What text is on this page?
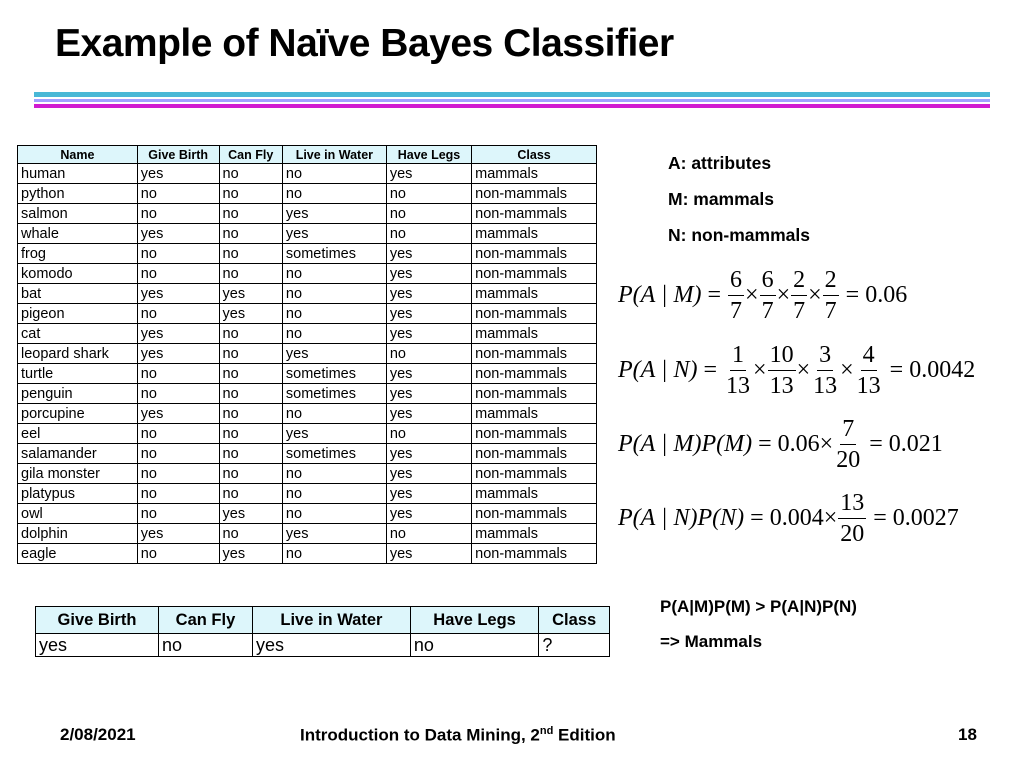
Example of Naïve Bayes Classifier
Name	Give Birth	Can Fly	Live in Water	Have Legs	Class
human	yes	no	no	yes	mammals
python	no	no	no	no	non-mammals
salmon	no	no	yes	no	non-mammals
whale	yes	no	yes	no	mammals
frog	no	no	sometimes	yes	non-mammals
komodo	no	no	no	yes	non-mammals
bat	yes	yes	no	yes	mammals
pigeon	no	yes	no	yes	non-mammals
cat	yes	no	no	yes	mammals
leopard shark	yes	no	yes	no	non-mammals
turtle	no	no	sometimes	yes	non-mammals
penguin	no	no	sometimes	yes	non-mammals
porcupine	yes	no	no	yes	mammals
eel	no	no	yes	no	non-mammals
salamander	no	no	sometimes	yes	non-mammals
gila monster	no	no	no	yes	non-mammals
platypus	no	no	no	yes	mammals
owl	no	yes	no	yes	non-mammals
dolphin	yes	no	yes	no	mammals
eagle	no	yes	no	yes	non-mammals
A: attributes
M: mammals
N: non-mammals
P(A | $M) = \frac{6}{7} \times \frac{6}{7} \times \frac{2}{7} \times \frac{2}{7} = 0.06$
P(A | $N) = \frac{1}{13} \times \frac{10}{13} \times \frac{3}{13} \times \frac{4}{13} = 0.0042$
P(A | $M)P(M) = 0.06 \times \frac{7}{20} = 0.021$
P(A | $N)P(N) = 0.004 \times \frac{13}{20} = 0.0027$
Give Birth	Can Fly	Live in Water	Have Legs	Class
yes	no	yes	no	?
P(A|M)P(M) > P(A|N)P(N)
=> Mammals
2/08/2021	Introduction to Data Mining, 2nd Edition	18
